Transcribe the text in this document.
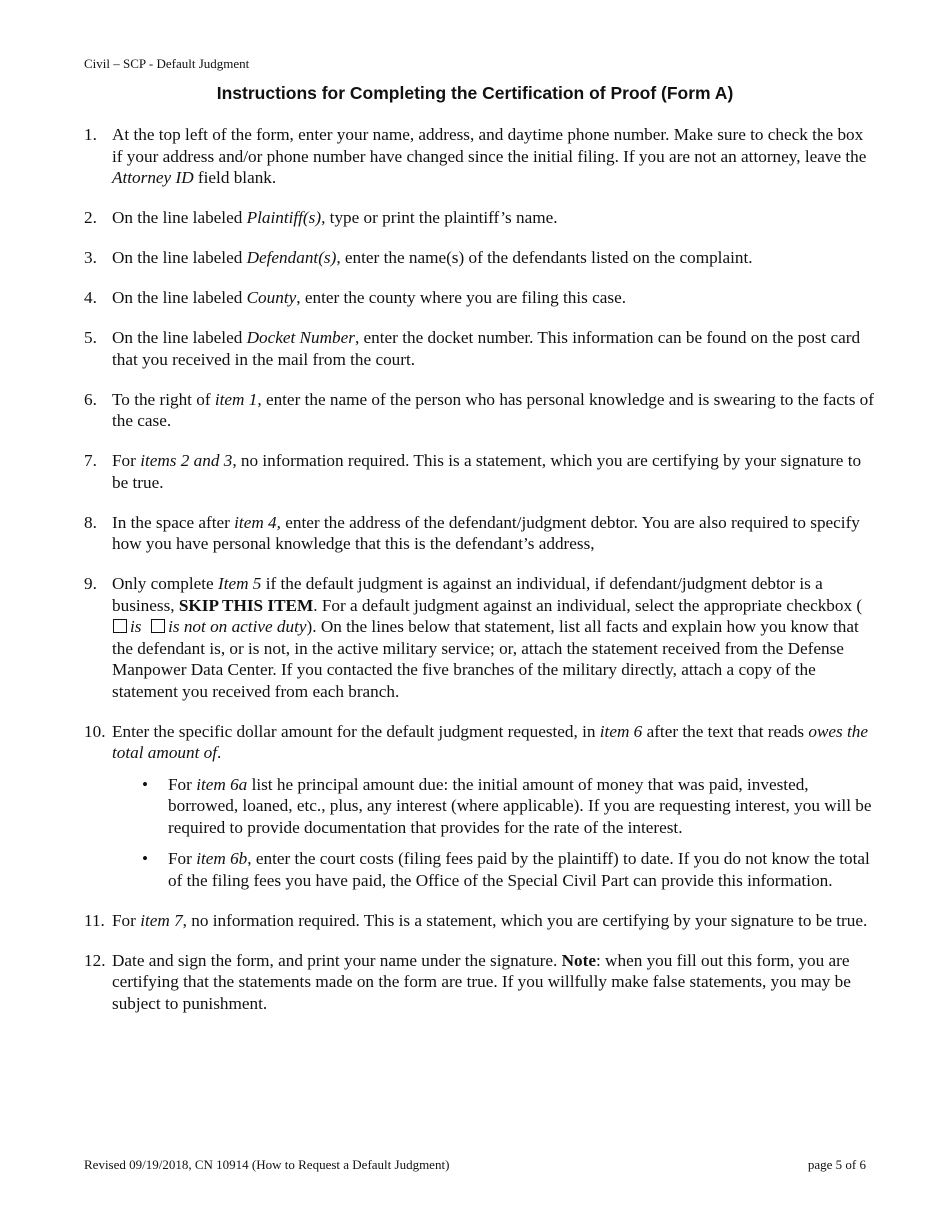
Civil – SCP - Default Judgment
Instructions for Completing the Certification of Proof (Form A)
1. At the top left of the form, enter your name, address, and daytime phone number. Make sure to check the box if your address and/or phone number have changed since the initial filing. If you are not an attorney, leave the Attorney ID field blank.
2. On the line labeled Plaintiff(s), type or print the plaintiff’s name.
3. On the line labeled Defendant(s), enter the name(s) of the defendants listed on the complaint.
4. On the line labeled County, enter the county where you are filing this case.
5. On the line labeled Docket Number, enter the docket number. This information can be found on the post card that you received in the mail from the court.
6. To the right of item 1, enter the name of the person who has personal knowledge and is swearing to the facts of the case.
7. For items 2 and 3, no information required. This is a statement, which you are certifying by your signature to be true.
8. In the space after item 4, enter the address of the defendant/judgment debtor. You are also required to specify how you have personal knowledge that this is the defendant’s address,
9. Only complete Item 5 if the default judgment is against an individual, if defendant/judgment debtor is a business, SKIP THIS ITEM. For a default judgment against an individual, select the appropriate checkbox (is is not on active duty). On the lines below that statement, list all facts and explain how you know that the defendant is, or is not, in the active military service; or, attach the statement received from the Defense Manpower Data Center. If you contacted the five branches of the military directly, attach a copy of the statement you received from each branch.
10. Enter the specific dollar amount for the default judgment requested, in item 6 after the text that reads owes the total amount of.
• For item 6a list he principal amount due: the initial amount of money that was paid, invested, borrowed, loaned, etc., plus, any interest (where applicable). If you are requesting interest, you will be required to provide documentation that provides for the rate of the interest.
• For item 6b, enter the court costs (filing fees paid by the plaintiff) to date. If you do not know the total of the filing fees you have paid, the Office of the Special Civil Part can provide this information.
11. For item 7, no information required. This is a statement, which you are certifying by your signature to be true.
12. Date and sign the form, and print your name under the signature. Note: when you fill out this form, you are certifying that the statements made on the form are true. If you willfully make false statements, you may be subject to punishment.
Revised 09/19/2018, CN 10914 (How to Request a Default Judgment)	page 5 of 6
